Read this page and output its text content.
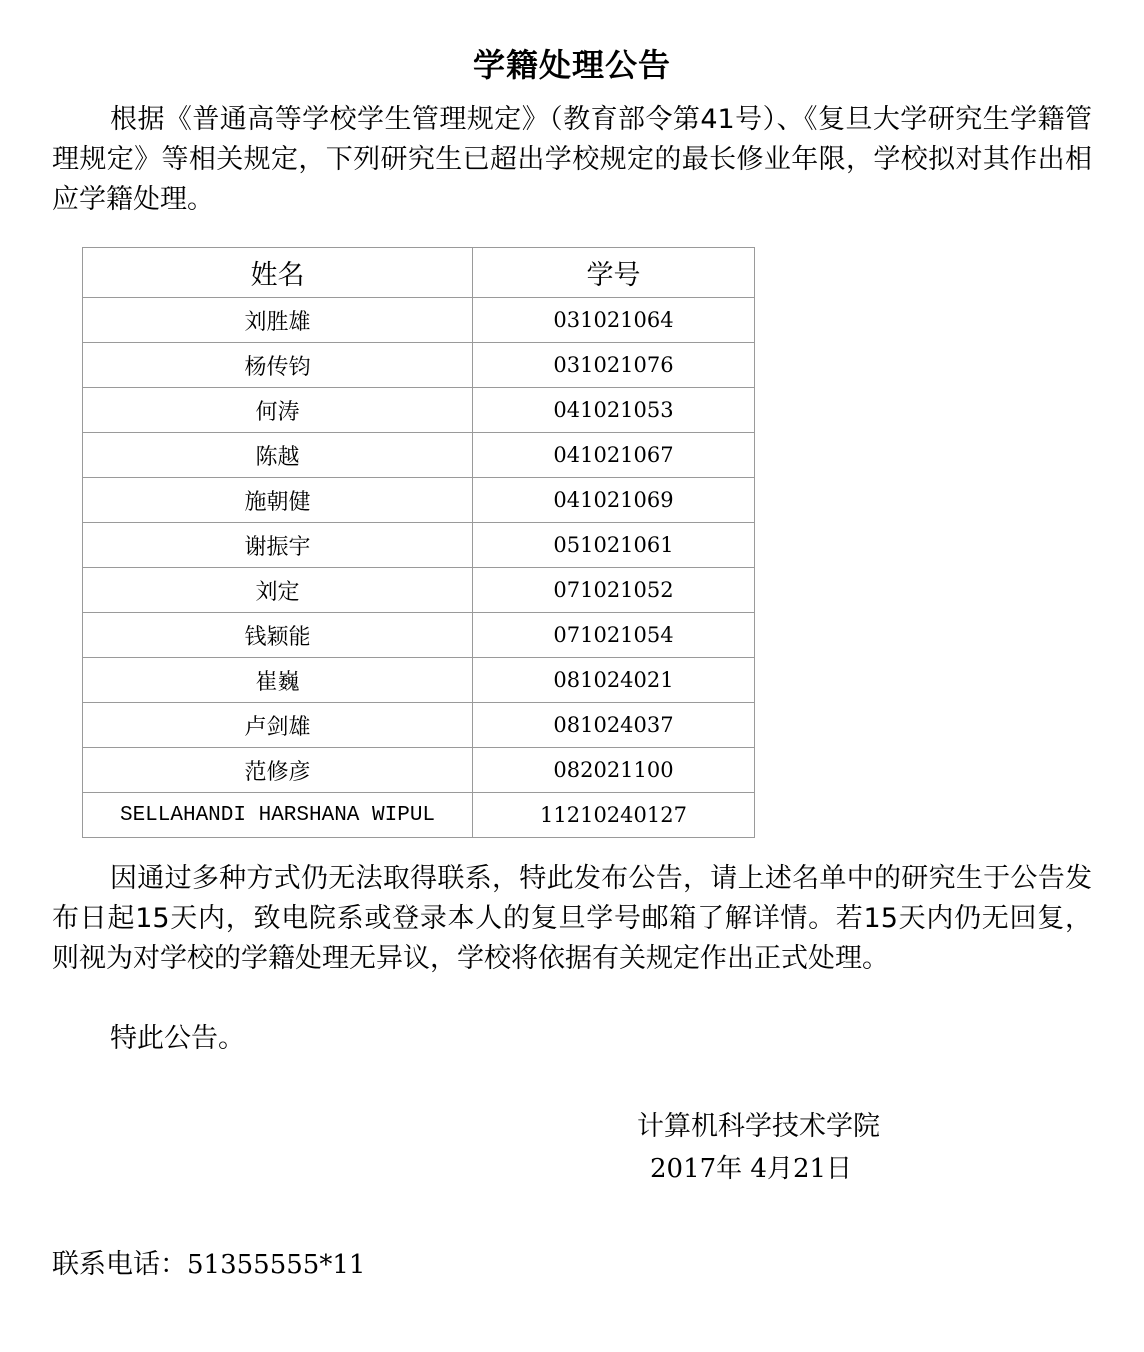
学籍处理公告

根据《普通高等学校学生管理规定》（教育部令第41号）、《复旦大学研究生学籍管理规定》等相关规定，下列研究生已超出学校规定的最长修业年限，学校拟对其作出相应学籍处理。

姓名	学号
刘胜雄	031021064
杨传钧	031021076
何涛	041021053
陈越	041021067
施朝健	041021069
谢振宇	051021061
刘定	071021052
钱颖能	071021054
崔巍	081024021
卢剑雄	081024037
范修彦	082021100
SELLAHANDI HARSHANA WIPUL	11210240127

因通过多种方式仍无法取得联系，特此发布公告，请上述名单中的研究生于公告发布日起15天内，致电院系或登录本人的复旦学号邮箱了解详情。若15天内仍无回复，则视为对学校的学籍处理无异议，学校将依据有关规定作出正式处理。

特此公告。

计算机科学技术学院
2017年 4月21日
联系电话：51355555*11
